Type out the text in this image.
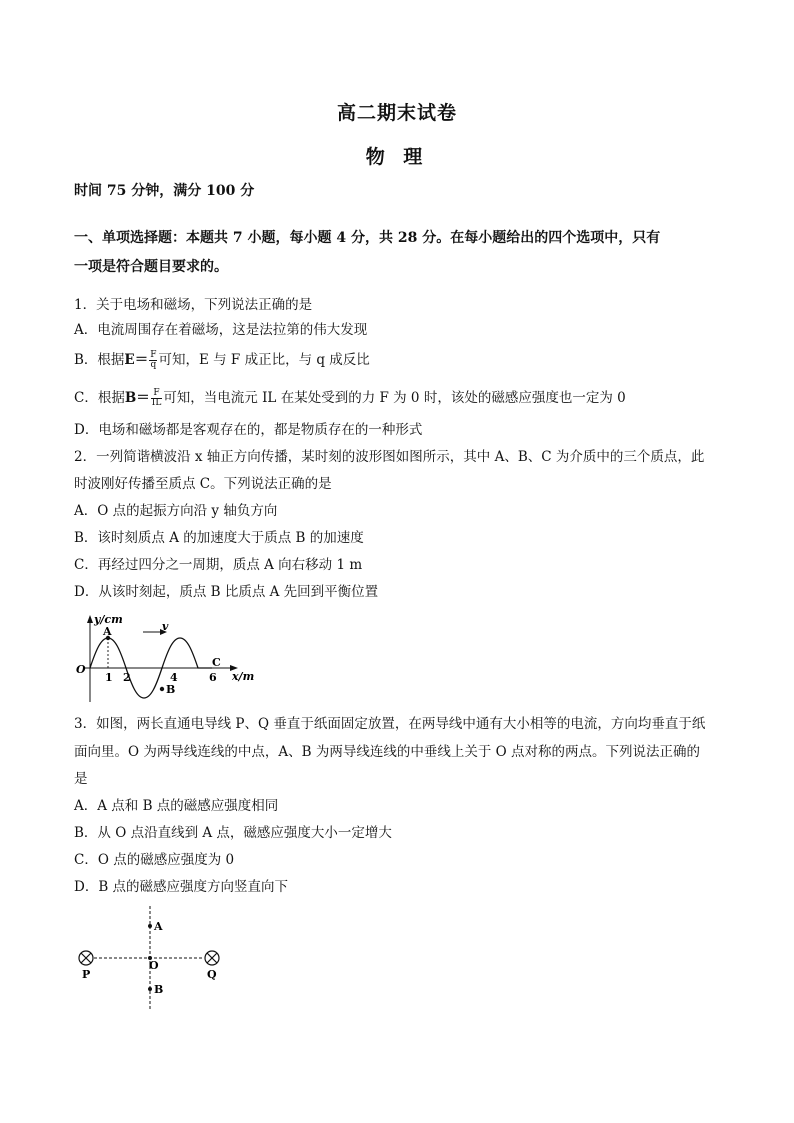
高二期末试卷
物 理
时间 75 分钟，满分 100 分
一、单项选择题：本题共 7 小题，每小题 4 分，共 28 分。在每小题给出的四个选项中，只有
一项是符合题目要求的。
1．关于电场和磁场，下列说法正确的是
A．电流周围存在着磁场，这是法拉第的伟大发现
B．根据$E= \frac{F}{q}$ 可知，E 与 F 成正比，与 q 成反比
C．根据$B= \frac{F}{IL}$ 可知，当电流元 IL 在某处受到的力 F 为 0 时，该处的磁感应强度也一定为 0
D．电场和磁场都是客观存在的，都是物质存在的一种形式
2．一列简谐横波沿 x 轴正方向传播，某时刻的波形图如图所示，其中 A、B、C 为介质中的三个质点，此
时波刚好传播至质点 C。下列说法正确的是
A．O 点的起振方向沿 y 轴负方向
B．该时刻质点 A 的加速度大于质点 B 的加速度
C．再经过四分之一周期，质点 A 向右移动 1 m
D．从该时刻起，质点 B 比质点 A 先回到平衡位置
y/cm
x/m
O
v
A
B
C
1 2	4	6
3．如图，两长直通电导线 P、Q 垂直于纸面固定放置，在两导线中通有大小相等的电流，方向均垂直于纸
面向里。O 为两导线连线的中点，A、B 为两导线连线的中垂线上关于 O 点对称的两点。下列说法正确的
是
A．A 点和 B 点的磁感应强度相同
B．从 O 点沿直线到 A 点，磁感应强度大小一定增大
C．O 点的磁感应强度为 0
D．B 点的磁感应强度方向竖直向下
A
O
B
P	Q
